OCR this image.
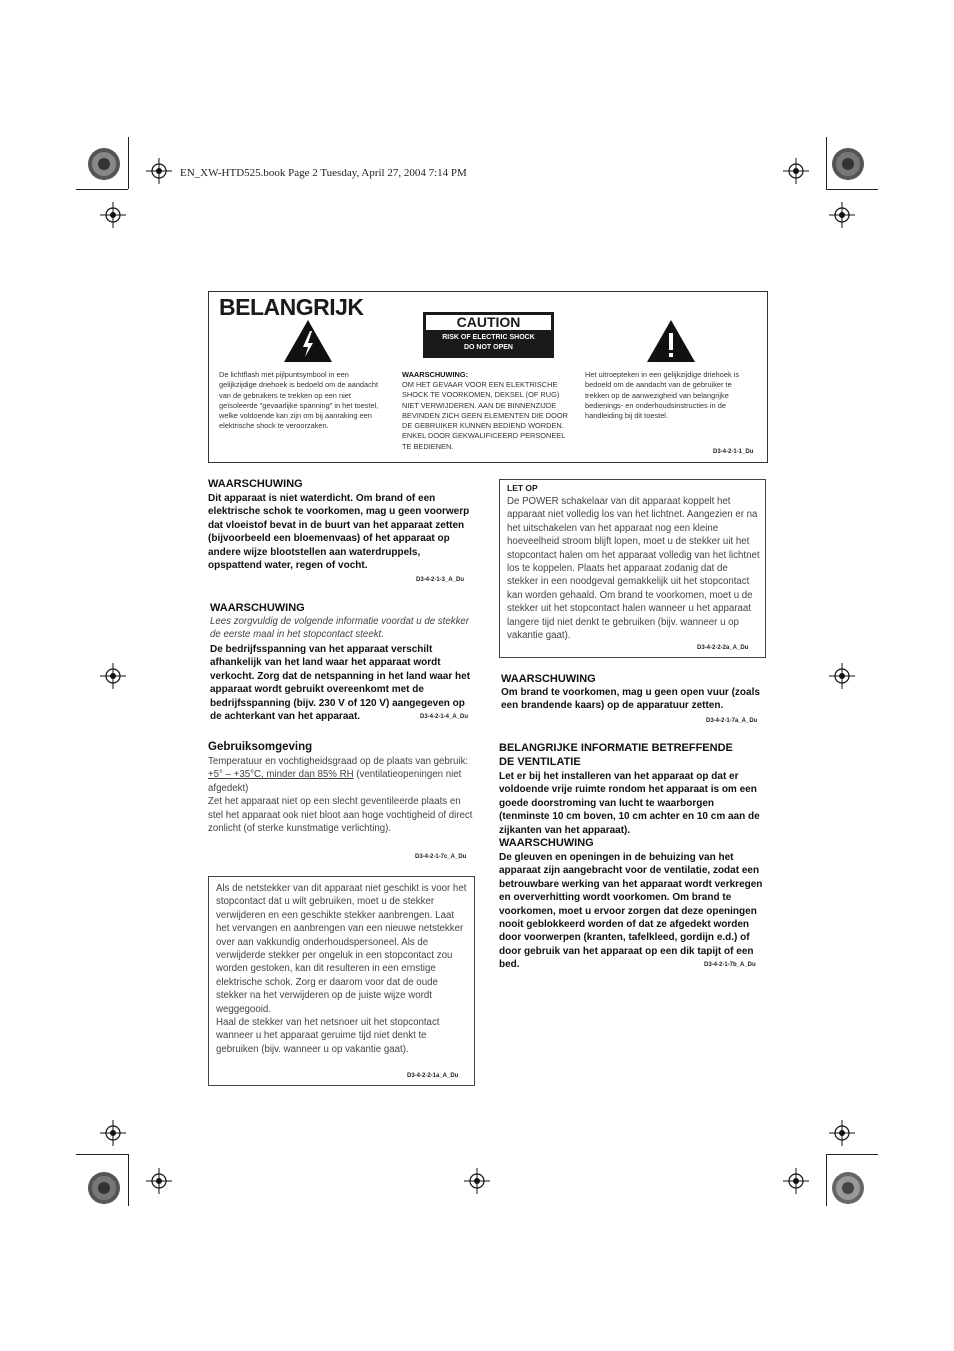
EN_XW-HTD525.book Page 2 Tuesday, April 27, 2004 7:14 PM
BELANGRIJK
CAUTION
RISK OF ELECTRIC SHOCK
DO NOT OPEN
De lichtflash met pijlpuntsymbool in een gelijkzijdige driehoek is bedoeld om de aandacht van de gebruikers te trekken op een niet geïsoleerde "gevaarlijke spanning" in het toestel, welke voldoende kan zijn om bij aanraking een elektrische shock te veroorzaken.
WAARSCHUWING:
OM HET GEVAAR VOOR EEN ELEKTRISCHE SHOCK TE VOORKOMEN, DEKSEL (OF RUG) NIET VERWIJDEREN. AAN DE BINNENZIJDE BEVINDEN ZICH GEEN ELEMENTEN DIE DOOR DE GEBRUIKER KUNNEN BEDIEND WORDEN. ENKEL DOOR GEKWALIFICEERD PERSONEEL TE BEDIENEN.
Het uitroepteken in een gelijkzijdige driehoek is bedoeld om de aandacht van de gebruiker te trekken op de aanwezigheid van belangrijke bedienings- en onderhoudsinstructies in de handleiding bij dit toestel.
D3-4-2-1-1_Du
WAARSCHUWING
Dit apparaat is niet waterdicht. Om brand of een elektrische schok te voorkomen, mag u geen voorwerp dat vloeistof bevat in de buurt van het apparaat zetten (bijvoorbeeld een bloemenvaas) of het apparaat op andere wijze blootstellen aan waterdruppels, opspattend water, regen of vocht.
D3-4-2-1-3_A_Du
WAARSCHUWING
Lees zorgvuldig de volgende informatie voordat u de stekker de eerste maal in het stopcontact steekt.
De bedrijfsspanning van het apparaat verschilt afhankelijk van het land waar het apparaat wordt verkocht. Zorg dat de netspanning in het land waar het apparaat wordt gebruikt overeenkomt met de bedrijfsspanning (bijv. 230 V of 120 V) aangegeven op de achterkant van het apparaat.	D3-4-2-1-4_A_Du
Gebruiksomgeving
Temperatuur en vochtigheidsgraad op de plaats van gebruik:
+5° – +35°C, minder dan 85% RH (ventilatieopeningen niet afgedekt)
Zet het apparaat niet op een slecht geventileerde plaats en stel het apparaat ook niet bloot aan hoge vochtigheid of direct zonlicht (of sterke kunstmatige verlichting).
D3-4-2-1-7c_A_Du
Als de netstekker van dit apparaat niet geschikt is voor het stopcontact dat u wilt gebruiken, moet u de stekker verwijderen en een geschikte stekker aanbrengen. Laat het vervangen en aanbrengen van een nieuwe netstekker over aan vakkundig onderhoudspersoneel. Als de verwijderde stekker per ongeluk in een stopcontact zou worden gestoken, kan dit resulteren in een ernstige elektrische schok. Zorg er daarom voor dat de oude stekker na het verwijderen op de juiste wijze wordt weggegooid.
Haal de stekker van het netsnoer uit het stopcontact wanneer u het apparaat geruime tijd niet denkt te gebruiken (bijv. wanneer u op vakantie gaat).
D3-4-2-2-1a_A_Du
LET OP
De POWER schakelaar van dit apparaat koppelt het apparaat niet volledig los van het lichtnet. Aangezien er na het uitschakelen van het apparaat nog een kleine hoeveelheid stroom blijft lopen, moet u de stekker uit het stopcontact halen om het apparaat volledig van het lichtnet los te koppelen. Plaats het apparaat zodanig dat de stekker in een noodgeval gemakkelijk uit het stopcontact kan worden gehaald. Om brand te voorkomen, moet u de stekker uit het stopcontact halen wanneer u het apparaat langere tijd niet denkt te gebruiken (bijv. wanneer u op vakantie gaat).
D3-4-2-2-2a_A_Du
WAARSCHUWING
Om brand te voorkomen, mag u geen open vuur (zoals een brandende kaars) op de apparatuur zetten.
D3-4-2-1-7a_A_Du
BELANGRIJKE INFORMATIE BETREFFENDE
DE VENTILATIE
Let er bij het installeren van het apparaat op dat er voldoende vrije ruimte rondom het apparaat is om een goede doorstroming van lucht te waarborgen (tenminste 10 cm boven, 10 cm achter en 10 cm aan de zijkanten van het apparaat).
WAARSCHUWING
De gleuven en openingen in de behuizing van het apparaat zijn aangebracht voor de ventilatie, zodat een betrouwbare werking van het apparaat wordt verkregen en oververhitting wordt voorkomen. Om brand te voorkomen, moet u ervoor zorgen dat deze openingen nooit geblokkeerd worden of dat ze afgedekt worden door voorwerpen (kranten, tafelkleed, gordijn e.d.) of door gebruik van het apparaat op een dik tapijt of een bed.	D3-4-2-1-7b_A_Du
